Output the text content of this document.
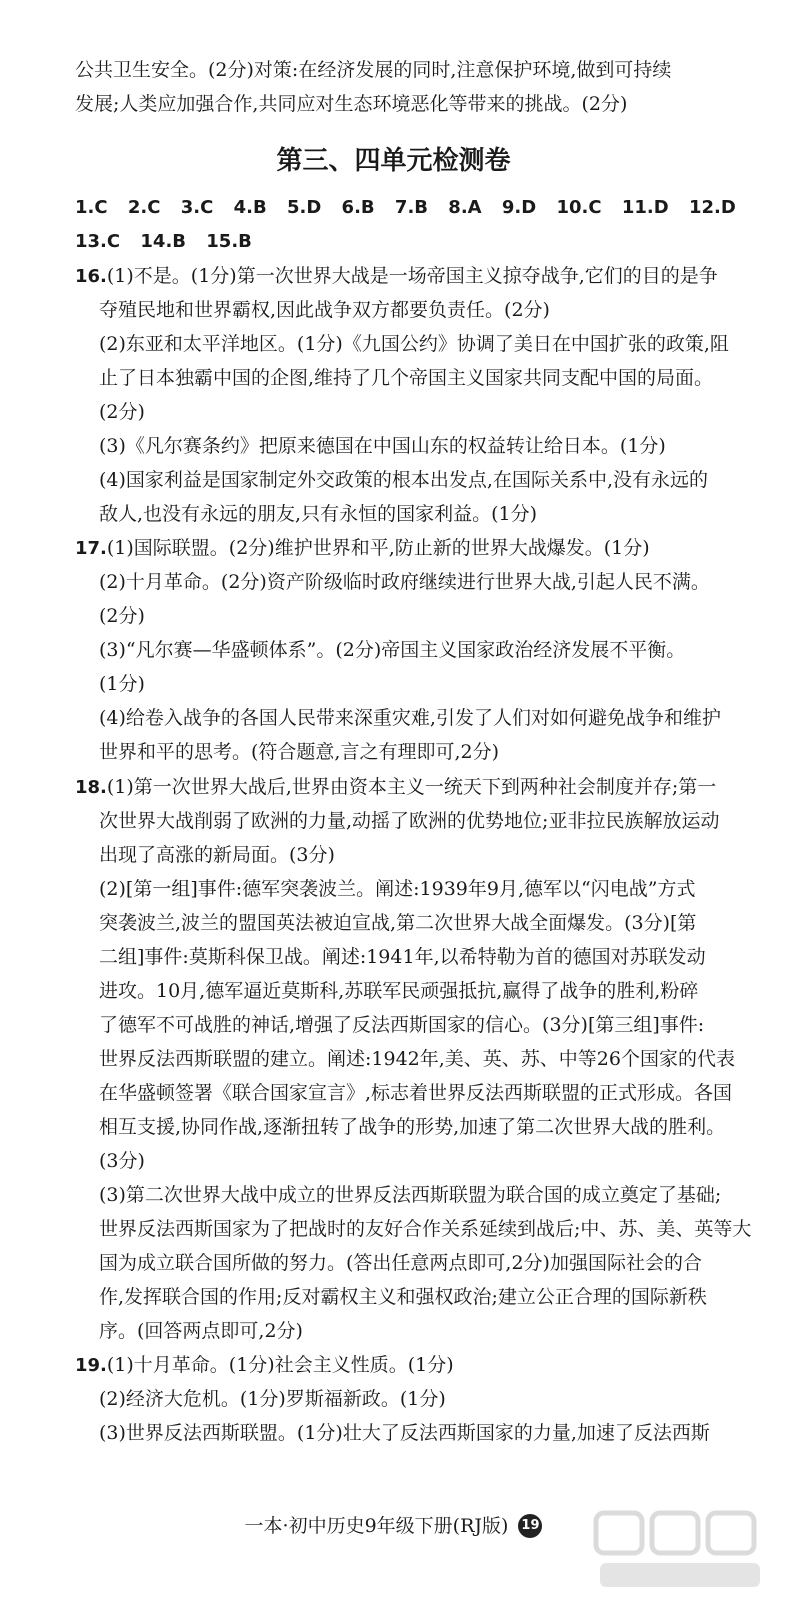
公共卫生安全。(2分)对策:在经济发展的同时,注意保护环境,做到可持续
发展;人类应加强合作,共同应对生态环境恶化等带来的挑战。(2分)
第三、四单元检测卷
1.C 2.C 3.C 4.B 5.D 6.B 7.B 8.A 9.D 10.C 11.D 12.D
13.C 14.B 15.B
16.(1)不是。(1分)第一次世界大战是一场帝国主义掠夺战争,它们的目的是争
夺殖民地和世界霸权,因此战争双方都要负责任。(2分)
(2)东亚和太平洋地区。(1分)《九国公约》协调了美日在中国扩张的政策,阻
止了日本独霸中国的企图,维持了几个帝国主义国家共同支配中国的局面。
(2分)
(3)《凡尔赛条约》把原来德国在中国山东的权益转让给日本。(1分)
(4)国家利益是国家制定外交政策的根本出发点,在国际关系中,没有永远的
敌人,也没有永远的朋友,只有永恒的国家利益。(1分)
17.(1)国际联盟。(2分)维护世界和平,防止新的世界大战爆发。(1分)
(2)十月革命。(2分)资产阶级临时政府继续进行世界大战,引起人民不满。
(2分)
(3)“凡尔赛—华盛顿体系”。(2分)帝国主义国家政治经济发展不平衡。
(1分)
(4)给卷入战争的各国人民带来深重灾难,引发了人们对如何避免战争和维护
世界和平的思考。(符合题意,言之有理即可,2分)
18.(1)第一次世界大战后,世界由资本主义一统天下到两种社会制度并存;第一
次世界大战削弱了欧洲的力量,动摇了欧洲的优势地位;亚非拉民族解放运动
出现了高涨的新局面。(3分)
(2)[第一组]事件:德军突袭波兰。阐述:1939年9月,德军以“闪电战”方式
突袭波兰,波兰的盟国英法被迫宣战,第二次世界大战全面爆发。(3分)[第
二组]事件:莫斯科保卫战。阐述:1941年,以希特勒为首的德国对苏联发动
进攻。10月,德军逼近莫斯科,苏联军民顽强抵抗,赢得了战争的胜利,粉碎
了德军不可战胜的神话,增强了反法西斯国家的信心。(3分)[第三组]事件:
世界反法西斯联盟的建立。阐述:1942年,美、英、苏、中等26个国家的代表
在华盛顿签署《联合国家宣言》,标志着世界反法西斯联盟的正式形成。各国
相互支援,协同作战,逐渐扭转了战争的形势,加速了第二次世界大战的胜利。
(3分)
(3)第二次世界大战中成立的世界反法西斯联盟为联合国的成立奠定了基础;
世界反法西斯国家为了把战时的友好合作关系延续到战后;中、苏、美、英等大
国为成立联合国所做的努力。(答出任意两点即可,2分)加强国际社会的合
作,发挥联合国的作用;反对霸权主义和强权政治;建立公正合理的国际新秩
序。(回答两点即可,2分)
19.(1)十月革命。(1分)社会主义性质。(1分)
(2)经济大危机。(1分)罗斯福新政。(1分)
(3)世界反法西斯联盟。(1分)壮大了反法西斯国家的力量,加速了反法西斯
一本·初中历史9年级下册(RJ版) 19
